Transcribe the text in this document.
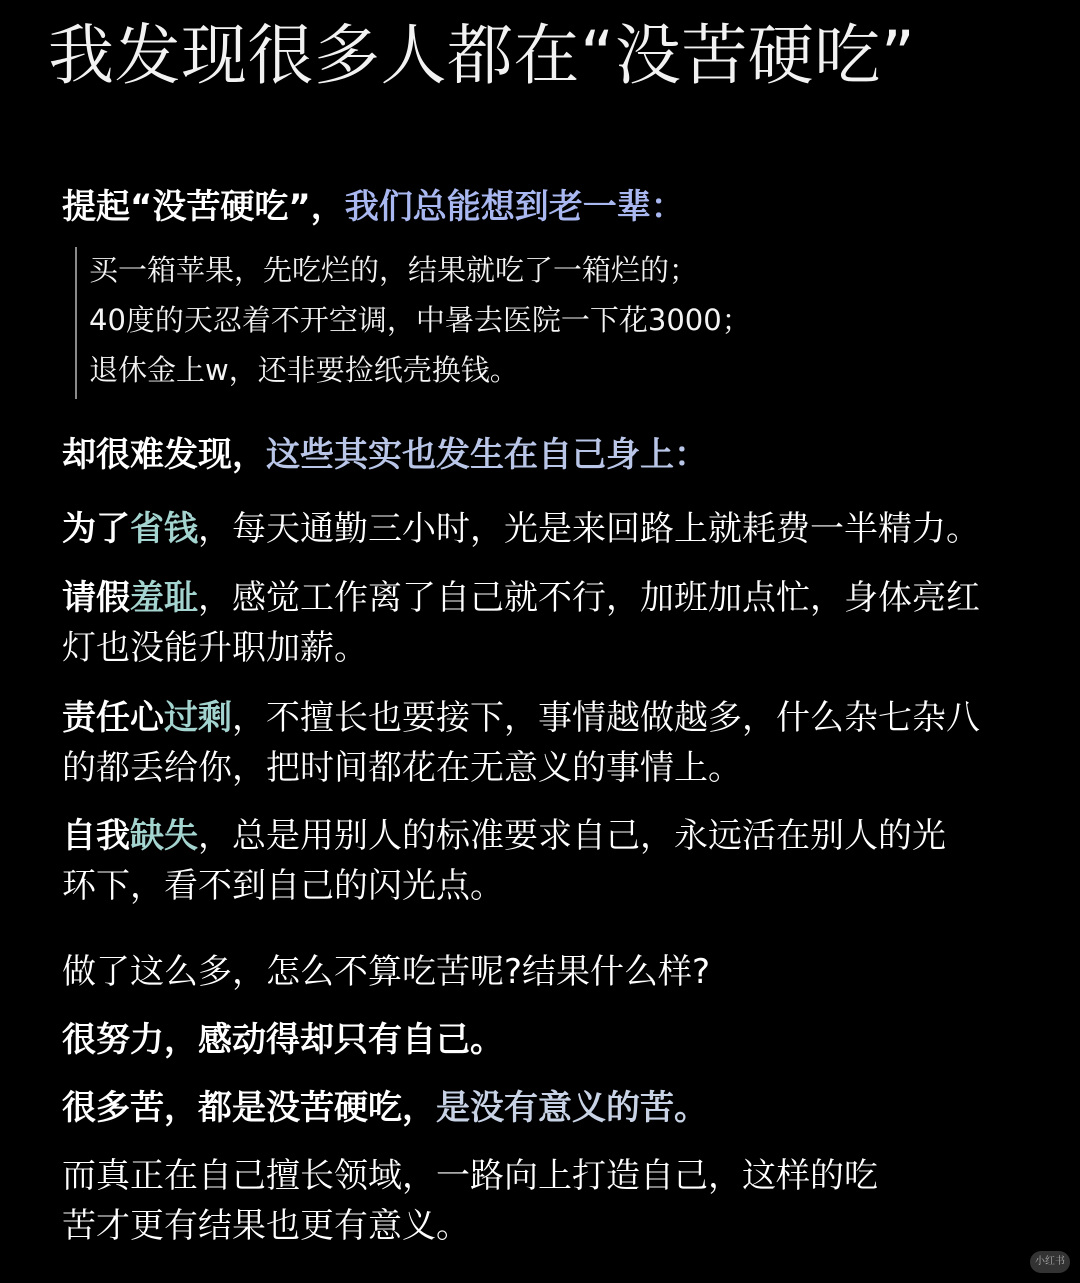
我发现很多人都在“没苦硬吃”
提起“没苦硬吃”，我们总能想到老一辈：
买一箱苹果，先吃烂的，结果就吃了一箱烂的；
40度的天忍着不开空调，中暑去医院一下花3000；
退休金上w，还非要捡纸壳换钱。
却很难发现，这些其实也发生在自己身上：
为了省钱，每天通勤三小时，光是来回路上就耗费一半精力。
请假羞耻，感觉工作离了自己就不行，加班加点忙，身体亮红
灯也没能升职加薪。
责任心过剩，不擅长也要接下，事情越做越多，什么杂七杂八
的都丢给你，把时间都花在无意义的事情上。
自我缺失，总是用别人的标准要求自己，永远活在别人的光
环下，看不到自己的闪光点。
做了这么多，怎么不算吃苦呢?结果什么样?
很努力，感动得却只有自己。
很多苦，都是没苦硬吃，是没有意义的苦。
而真正在自己擅长领域，一路向上打造自己，这样的吃
苦才更有结果也更有意义。
小红书
